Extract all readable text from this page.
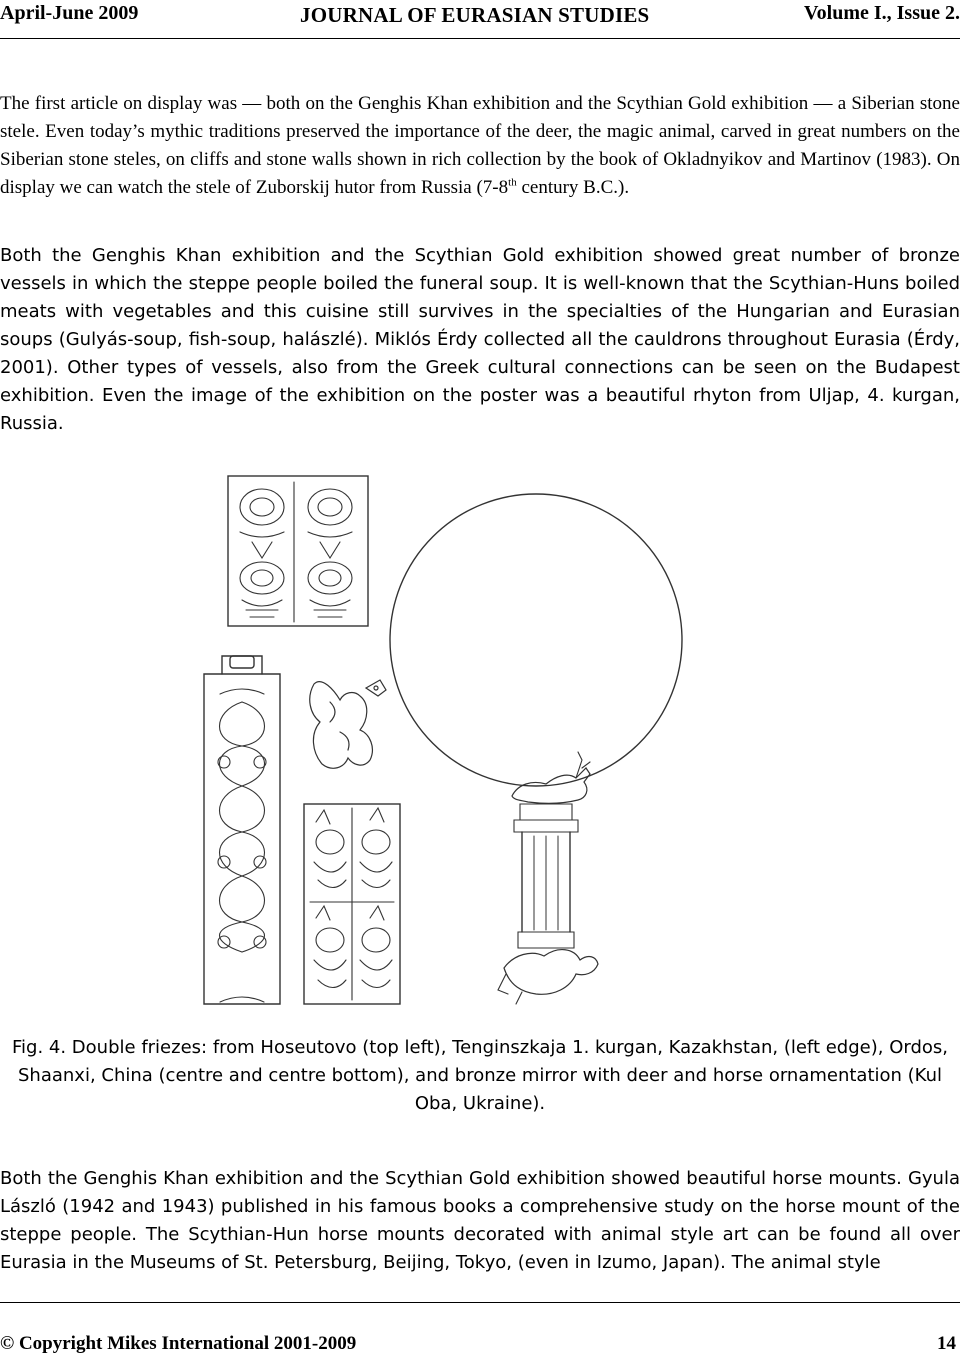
April-June 2009	JOURNAL OF EURASIAN STUDIES	Volume I., Issue 2.

The first article on display was — both on the Genghis Khan exhibition and the Scythian Gold exhibition — a Siberian stone stele. Even today’s mythic traditions preserved the importance of the deer, the magic animal, carved in great numbers on the Siberian stone steles, on cliffs and stone walls shown in rich collection by the book of Okladnyikov and Martinov (1983). On display we can watch the stele of Zuborskij hutor from Russia (7-8th century B.C.).

Both the Genghis Khan exhibition and the Scythian Gold exhibition showed great number of bronze vessels in which the steppe people boiled the funeral soup. It is well-known that the Scythian-Huns boiled meats with vegetables and this cuisine still survives in the specialties of the Hungarian and Eurasian soups (Gulyás-soup, fish-soup, halászlé). Miklós Érdy collected all the cauldrons throughout Eurasia (Érdy, 2001). Other types of vessels, also from the Greek cultural connections can be seen on the Budapest exhibition. Even the image of the exhibition on the poster was a beautiful rhyton from Uljap, 4. kurgan, Russia.

Fig. 4. Double friezes: from Hoseutovo (top left), Tenginszkaja 1. kurgan, Kazakhstan, (left edge), Ordos, Shaanxi, China (centre and centre bottom), and bronze mirror with deer and horse ornamentation (Kul Oba, Ukraine).

Both the Genghis Khan exhibition and the Scythian Gold exhibition showed beautiful horse mounts. Gyula László (1942 and 1943) published in his famous books a comprehensive study on the horse mount of the steppe people. The Scythian-Hun horse mounts decorated with animal style art can be found all over Eurasia in the Museums of St. Petersburg, Beijing, Tokyo, (even in Izumo, Japan). The animal style

© Copyright Mikes International 2001-2009	14
